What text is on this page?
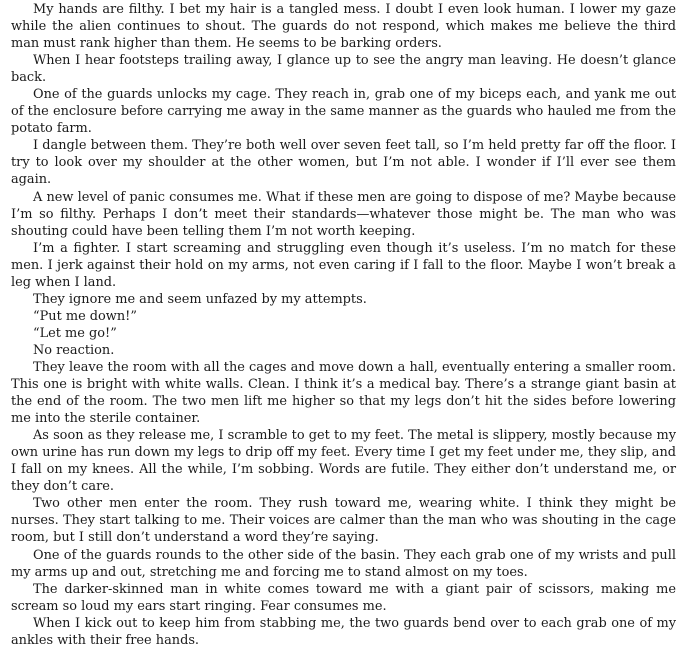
My hands are filthy. I bet my hair is a tangled mess. I doubt I even look human. I lower my gaze while the alien continues to shout. The guards do not respond, which makes me believe the third man must rank higher than them. He seems to be barking orders.

When I hear footsteps trailing away, I glance up to see the angry man leaving. He doesn’t glance back.

One of the guards unlocks my cage. They reach in, grab one of my biceps each, and yank me out of the enclosure before carrying me away in the same manner as the guards who hauled me from the potato farm.

I dangle between them. They’re both well over seven feet tall, so I’m held pretty far off the floor. I try to look over my shoulder at the other women, but I’m not able. I wonder if I’ll ever see them again.

A new level of panic consumes me. What if these men are going to dispose of me? Maybe because I’m so filthy. Perhaps I don’t meet their standards—whatever those might be. The man who was shouting could have been telling them I’m not worth keeping.

I’m a fighter. I start screaming and struggling even though it’s useless. I’m no match for these men. I jerk against their hold on my arms, not even caring if I fall to the floor. Maybe I won’t break a leg when I land.

They ignore me and seem unfazed by my attempts.

“Put me down!”

“Let me go!”

No reaction.

They leave the room with all the cages and move down a hall, eventually entering a smaller room. This one is bright with white walls. Clean. I think it’s a medical bay. There’s a strange giant basin at the end of the room. The two men lift me higher so that my legs don’t hit the sides before lowering me into the sterile container.

As soon as they release me, I scramble to get to my feet. The metal is slippery, mostly because my own urine has run down my legs to drip off my feet. Every time I get my feet under me, they slip, and I fall on my knees. All the while, I’m sobbing. Words are futile. They either don’t understand me, or they don’t care.

Two other men enter the room. They rush toward me, wearing white. I think they might be nurses. They start talking to me. Their voices are calmer than the man who was shouting in the cage room, but I still don’t understand a word they’re saying.

One of the guards rounds to the other side of the basin. They each grab one of my wrists and pull my arms up and out, stretching me and forcing me to stand almost on my toes.

The darker-skinned man in white comes toward me with a giant pair of scissors, making me scream so loud my ears start ringing. Fear consumes me.

When I kick out to keep him from stabbing me, the two guards bend over to each grab one of my ankles with their free hands.
